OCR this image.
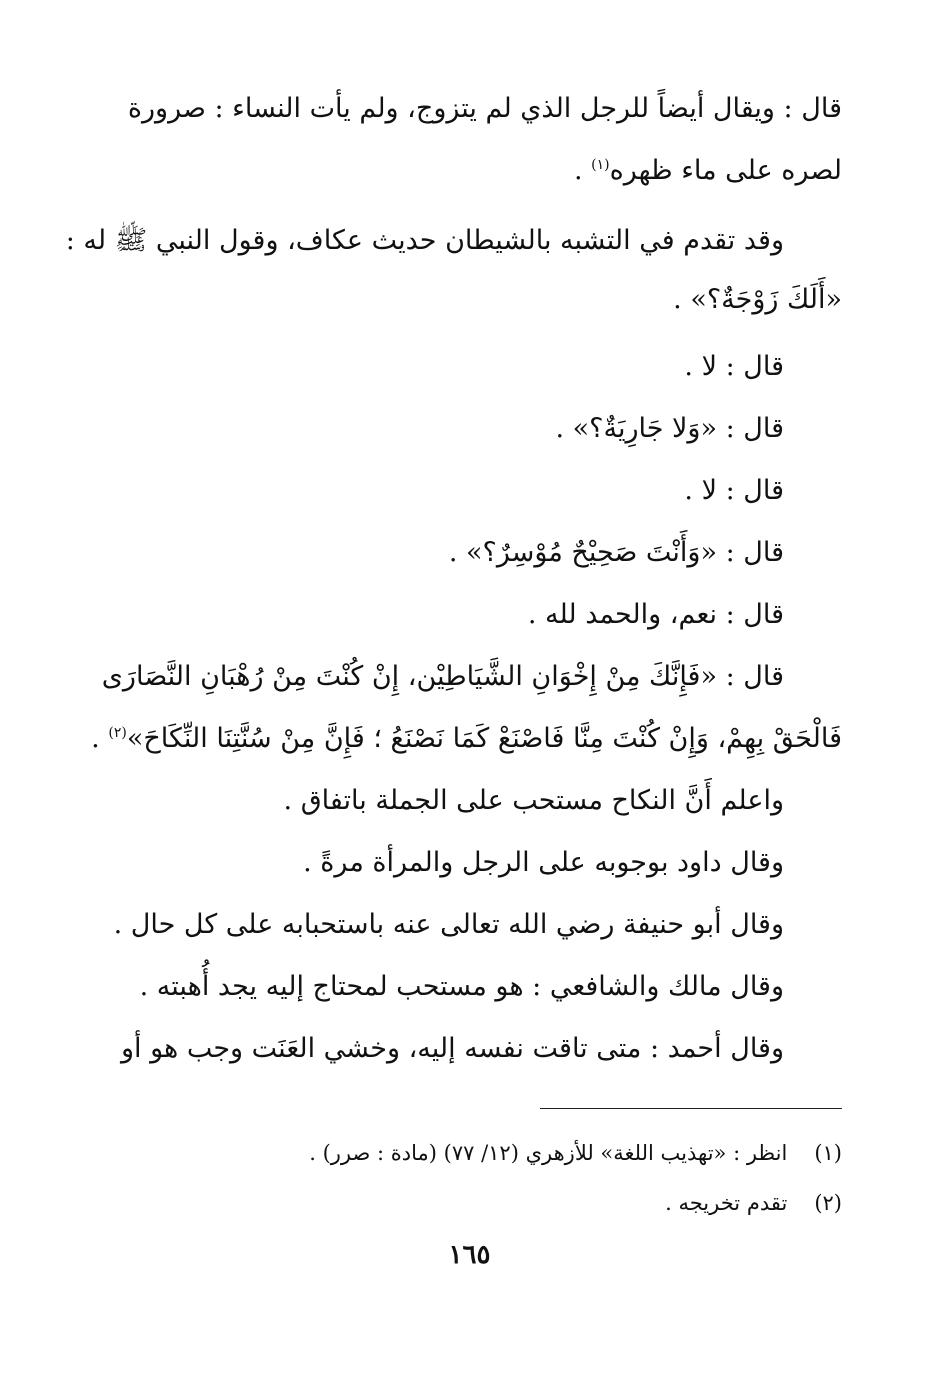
قال : ويقال أيضاً للرجل الذي لم يتزوج، ولم يأت النساء : صرورة
لصره على ماء ظهره$^{(١)}$ .
وقد تقدم في التشبه بالشيطان حديث عكاف، وقول النبي ﷺ له :
«أَلَكَ زَوْجَةٌ؟» .
قال : لا .
قال : «وَلا جَارِيَةٌ؟» .
قال : لا .
قال : «وَأَنْتَ صَحِيْحٌ مُوْسِرٌ؟» .
قال : نعم، والحمد لله .
قال : «فَإِنَّكَ مِنْ إِخْوَانِ الشَّيَاطِيْن، إِنْ كُنْتَ مِنْ رُهْبَانِ النَّصَارَى
فَالْحَقْ بِهِمْ، وَإِنْ كُنْتَ مِنَّا فَاصْنَعْ كَمَا نَصْنَعُ ؛ فَإِنَّ مِنْ سُنَّتِنَا النِّكَاحَ»$^{(٢)}$ .
واعلم أَنَّ النكاح مستحب على الجملة باتفاق .
وقال داود بوجوبه على الرجل والمرأة مرةً .
وقال أبو حنيفة رضي الله تعالى عنه باستحبابه على كل حال .
وقال مالك والشافعي : هو مستحب لمحتاج إليه يجد أُهبته .
وقال أحمد : متى تاقت نفسه إليه، وخشي العَنَت وجب هو أو
(١) انظر : «تهذيب اللغة» للأزهري (١٢/ ٧٧) (مادة : صرر) .
(٢) تقدم تخريجه .
١٦٥
